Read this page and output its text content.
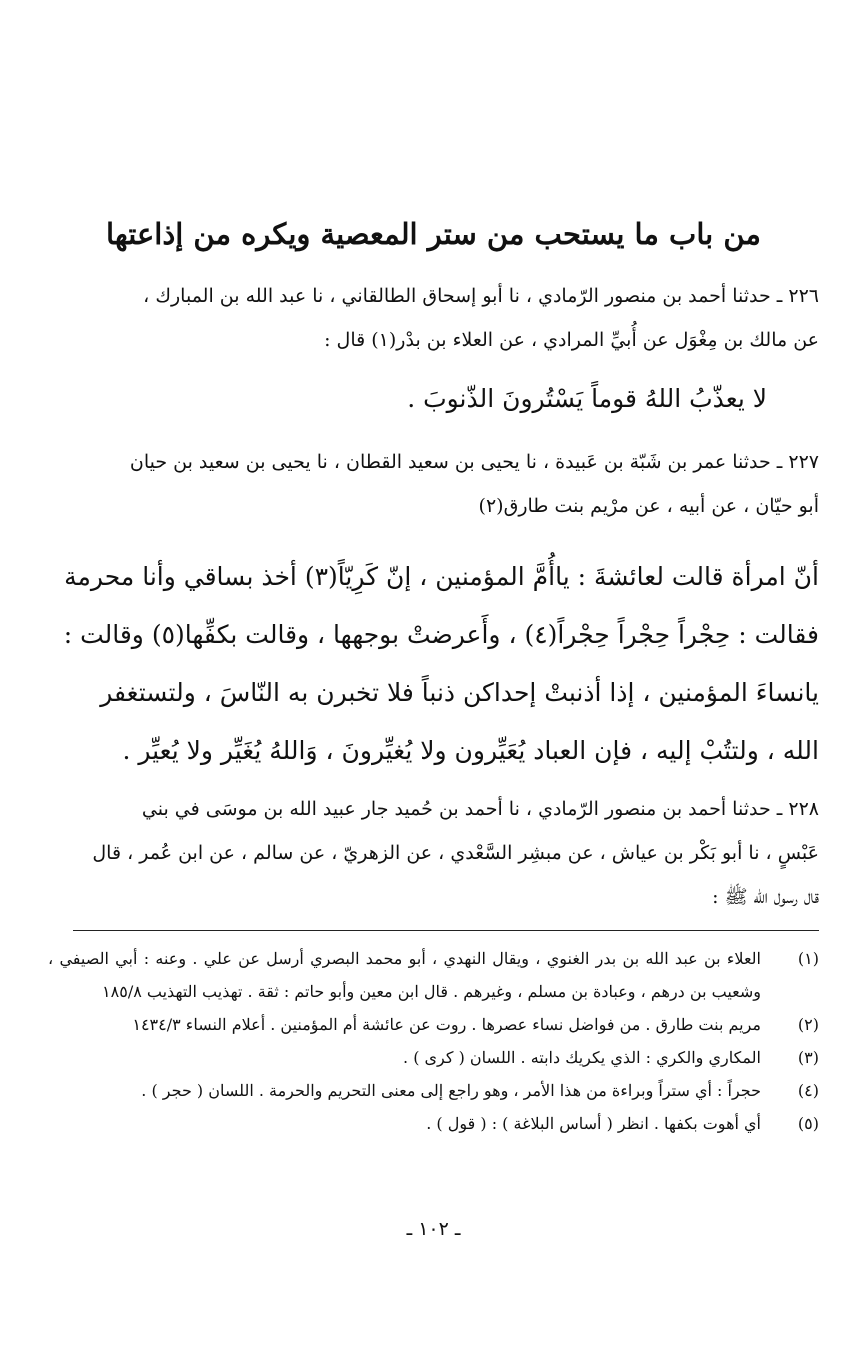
من باب ما يستحب من ستر المعصية ويكره من إذاعتها
٢٢٦ ـ حدثنا أحمد بن منصور الرّمادي ، نا أبو إسحاق الطالقاني ، نا عبد الله بن المبارك ،
عن مالك بن مِغْوَل عن أُبيِّ المرادي ، عن العلاء بن بدْر(١) قال :
لا يعذّبُ اللهُ قوماً يَسْتُرونَ الذّنوبَ .
٢٢٧ ـ حدثنا عمر بن شَبّة بن عَبيدة ، نا يحيى بن سعيد القطان ، نا يحيى بن سعيد بن حيان
أبو حيّان ، عن أبيه ، عن مرْيم بنت طارق(٢)
أنّ امرأة قالت لعائشةَ : ياأُمَّ المؤمنين ، إنّ كَرِيّاً(٣) أخذ بساقي وأنا محرمة
فقالت : حِجْراً حِجْراً حِجْراً(٤) ، وأَعرضتْ بوجهها ، وقالت بكفِّها(٥) وقالت :
يانساءَ المؤمنين ، إذا أذنبتْ إحداكن ذنباً فلا تخبرن به النّاسَ ، ولتستغفر
الله ، ولتتُبْ إليه ، فإن العباد يُعَيِّرون ولا يُغيِّرونَ ، وَاللهُ يُغَيِّر ولا يُعيِّر .
٢٢٨ ـ حدثنا أحمد بن منصور الرّمادي ، نا أحمد بن حُميد جار عبيد الله بن موسَى في بني
عَبْسٍ ، نا أبو بَكْر بن عياش ، عن مبشِر السَّعْدي ، عن الزهريّ ، عن سالم ، عن ابن عُمر ، قال
قال رسول الله ﷺ :
(١)
العلاء بن عبد الله بن بدر الغنوي ، ويقال النهدي ، أبو محمد البصري أرسل عن علي . وعنه : أبي الصيفي ، وشعيب بن درهم ، وعبادة بن مسلم ، وغيرهم . قال ابن معين وأبو حاتم : ثقة . تهذيب التهذيب ١٨٥/٨
(٢)
مريم بنت طارق . من فواضل نساء عصرها . روت عن عائشة أم المؤمنين . أعلام النساء ١٤٣٤/٣
(٣)
المكاري والكري : الذي يكريك دابته . اللسان ( كرى ) .
(٤)
حجراً : أي ستراً وبراءة من هذا الأمر ، وهو راجع إلى معنى التحريم والحرمة . اللسان ( حجر ) .
(٥)
أي أهوت بكفها . انظر ( أساس البلاغة ) : ( قول ) .
ـ ١٠٢ ـ
